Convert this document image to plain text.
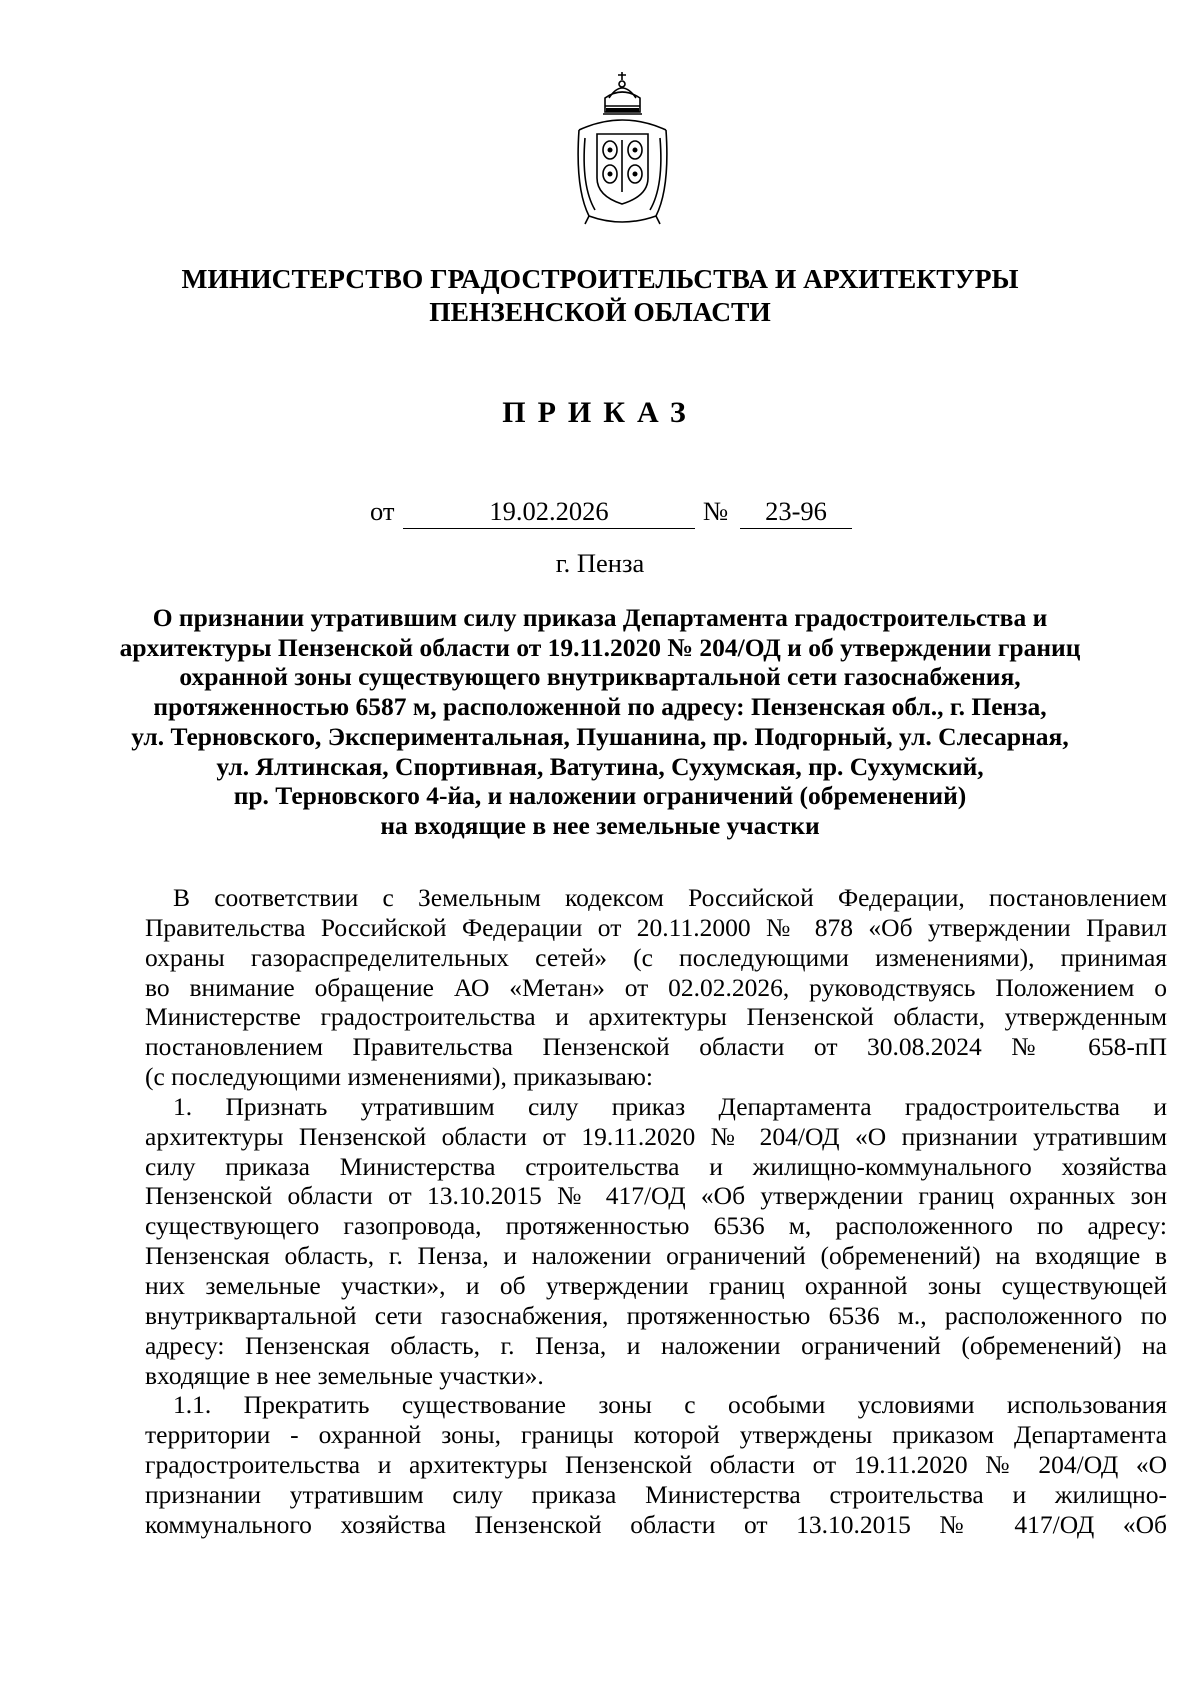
МИНИСТЕРСТВО ГРАДОСТРОИТЕЛЬСТВА И АРХИТЕКТУРЫ
ПЕНЗЕНСКОЙ ОБЛАСТИ
ПРИКАЗ
от	19.02.2026	№	23-96
г. Пенза
О признании утратившим силу приказа Департамента градостроительства и
архитектуры Пензенской области от 19.11.2020 № 204/ОД и об утверждении границ
охранной зоны существующего внутриквартальной сети газоснабжения,
протяженностью 6587 м, расположенной по адресу: Пензенская обл., г. Пенза,
ул. Терновского, Экспериментальная, Пушанина, пр. Подгорный, ул. Слесарная,
ул. Ялтинская, Спортивная, Ватутина, Сухумская, пр. Сухумский,
пр. Терновского 4-йа, и наложении ограничений (обременений)
на входящие в нее земельные участки
В соответствии с Земельным кодексом Российской Федерации, постановлением
Правительства Российской Федерации от 20.11.2000 № 878 «Об утверждении Правил
охраны газораспределительных сетей» (с последующими изменениями), принимая
во внимание обращение АО «Метан» от 02.02.2026, руководствуясь Положением о
Министерстве градостроительства и архитектуры Пензенской области, утвержденным
постановлением Правительства Пензенской области от 30.08.2024 № 658-пП
(с последующими изменениями), приказываю:
1. Признать утратившим силу приказ Департамента градостроительства и
архитектуры Пензенской области от 19.11.2020 № 204/ОД «О признании утратившим
силу приказа Министерства строительства и жилищно-коммунального хозяйства
Пензенской области от 13.10.2015 № 417/ОД «Об утверждении границ охранных зон
существующего газопровода, протяженностью 6536 м, расположенного по адресу:
Пензенская область, г. Пенза, и наложении ограничений (обременений) на входящие в
них земельные участки», и об утверждении границ охранной зоны существующей
внутриквартальной сети газоснабжения, протяженностью 6536 м., расположенного по
адресу: Пензенская область, г. Пенза, и наложении ограничений (обременений) на
входящие в нее земельные участки».
1.1. Прекратить существование зоны с особыми условиями использования
территории - охранной зоны, границы которой утверждены приказом Департамента
градостроительства и архитектуры Пензенской области от 19.11.2020 № 204/ОД «О
признании утратившим силу приказа Министерства строительства и жилищно-
коммунального хозяйства Пензенской области от 13.10.2015 № 417/ОД «Об
